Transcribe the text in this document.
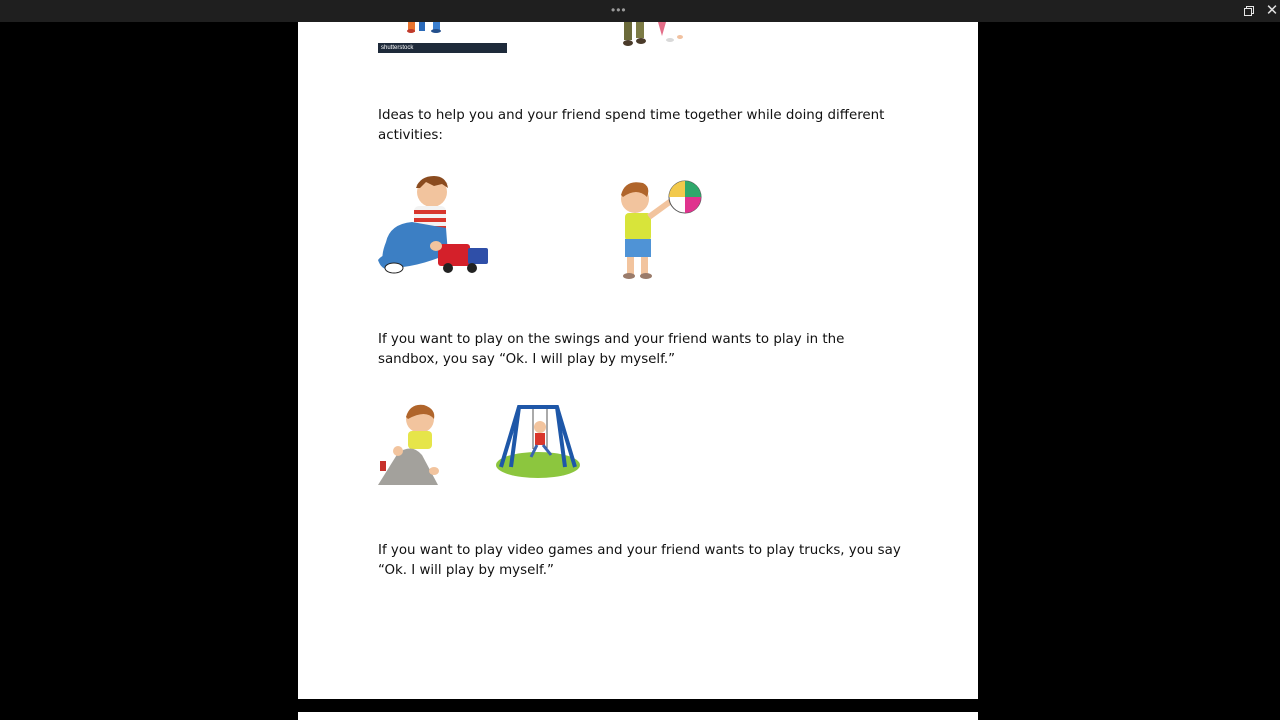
•••	✕
shutterstock

Ideas to help you and your friend spend time together while doing different activities:

If you want to play on the swings and your friend wants to play in the sandbox, you say “Ok. I will play by myself.”

If you want to play video games and your friend wants to play trucks, you say “Ok. I will play by myself.”
